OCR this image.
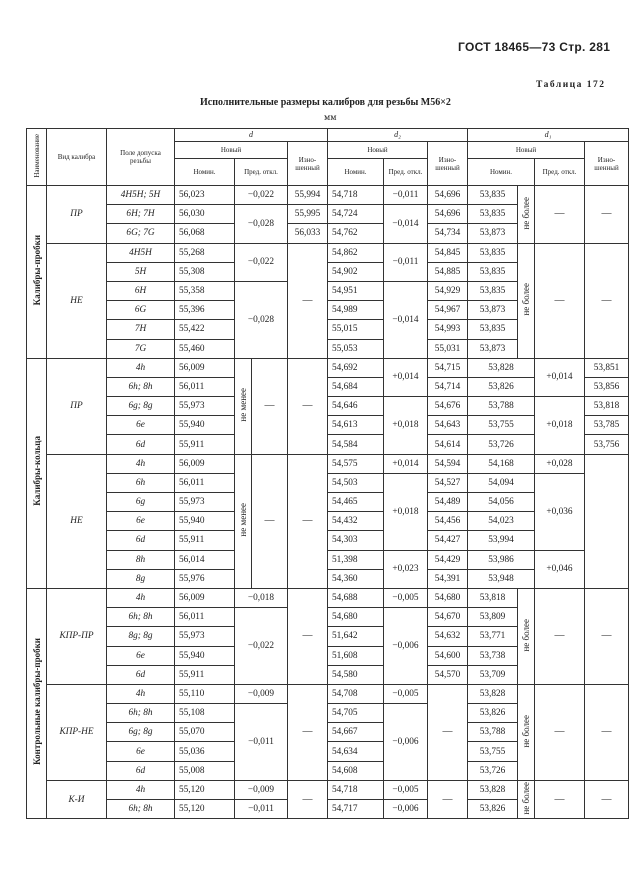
ГОСТ 18465—73 Стр. 281
Таблица 172
Исполнительные размеры калибров для резьбы М56×2
мм
Наименование	Вид калибра	Поле допуска резьбы	d				d₂			d₁			
			Новый			Изно- шенный	Новый		Изно- шенный	Новый			Изно- шенный
			Номин.	Пред. откл.			Номин.	Пред. откл.		Номин.		Пред. откл.	
Калибры-пробки	ПР	4H5H; 5H	56,023	−0,022		55,994	54,718	−0,011	54,696	53,835	не более	—	—
		6H; 7H	56,030	−0,028		55,995	54,724	−0,014	54,696	53,835			
		6G; 7G	56,068			56,033	54,762		54,734	53,873			
	НЕ	4H5H	55,268	−0,022		—	54,862	−0,011	54,845	53,835	не более	—	—
		5H	55,308				54,902		54,885	53,835			
		6H	55,358	−0,028			54,951	−0,014	54,929	53,835			
		6G	55,396				54,989		54,967	53,873			
		7H	55,422				55,015		54,993	53,835			
		7G	55,460				55,053		55,031	53,873			
Калибры-кольца	ПР	4h	56,009	не менее	—	—	54,692	+0,014	54,715	53,828		+0,014	53,851
		6h; 8h	56,011				54,684		54,714	53,826			53,856
		6g; 8g	55,973				54,646	+0,018	54,676	53,788		+0,018	53,818
		6e	55,940				54,613		54,643	53,755			53,785
		6d	55,911				54,584		54,614	53,726			53,756
	НЕ	4h	56,009	не менее	—	—	54,575	+0,014	54,594	54,168		+0,028	
		6h	56,011				54,503	+0,018	54,527	54,094		+0,036	
		6g	55,973				54,465		54,489	54,056			
		6e	55,940				54,432		54,456	54,023			
		6d	55,911				54,303		54,427	53,994			
		8h	56,014				51,398	+0,023	54,429	53,986		+0,046	
		8g	55,976				54,360		54,391	53,948			
Контрольные калибры-пробки	КПР-ПР	4h	56,009	−0,018		—	54,688	−0,005	54,680	53,818	не более	—	—
		6h; 8h	56,011	−0,022			54,680	−0,006	54,670	53,809			
		8g; 8g	55,973				51,642		54,632	53,771			
		6e	55,940				51,608		54,600	53,738			
		6d	55,911				54,580		54,570	53,709			
	КПР-НЕ	4h	55,110	−0,009		—	54,708	−0,005	—	53,828	не более	—	—
		6h; 8h	55,108	−0,011			54,705	−0,006		53,826			
		6g; 8g	55,070				54,667			53,788			
		6e	55,036				54,634			53,755			
		6d	55,008				54,608			53,726			
	К-И	4h	55,120	−0,009		—	54,718	−0,005	—	53,828	не более	—	—
		6h; 8h	55,120	−0,011			54,717	−0,006		53,826			
